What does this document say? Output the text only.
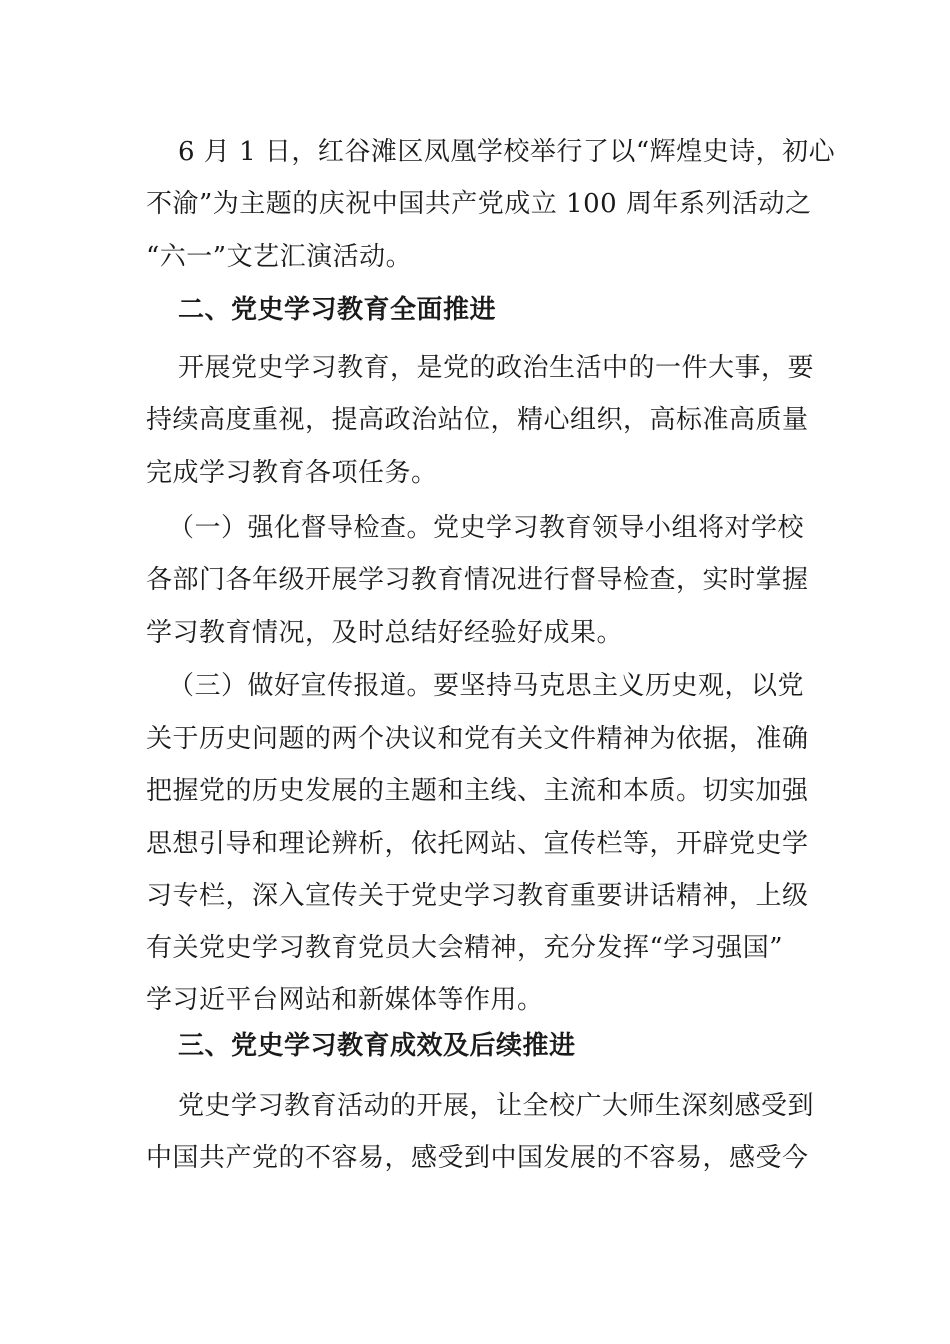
6 月 1 日，红谷滩区凤凰学校举行了以“辉煌史诗，初心
不渝”为主题的庆祝中国共产党成立 100 周年系列活动之
“六一”文艺汇演活动。
二、党史学习教育全面推进
开展党史学习教育，是党的政治生活中的一件大事，要
持续高度重视，提高政治站位，精心组织，高标准高质量
完成学习教育各项任务。
（一）强化督导检查。党史学习教育领导小组将对学校
各部门各年级开展学习教育情况进行督导检查，实时掌握
学习教育情况，及时总结好经验好成果。
（三）做好宣传报道。要坚持马克思主义历史观，以党
关于历史问题的两个决议和党有关文件精神为依据，准确
把握党的历史发展的主题和主线、主流和本质。切实加强
思想引导和理论辨析，依托网站、宣传栏等，开辟党史学
习专栏，深入宣传关于党史学习教育重要讲话精神，上级
有关党史学习教育党员大会精神，充分发挥“学习强国”
学习近平台网站和新媒体等作用。
三、党史学习教育成效及后续推进
党史学习教育活动的开展，让全校广大师生深刻感受到
中国共产党的不容易，感受到中国发展的不容易，感受今
